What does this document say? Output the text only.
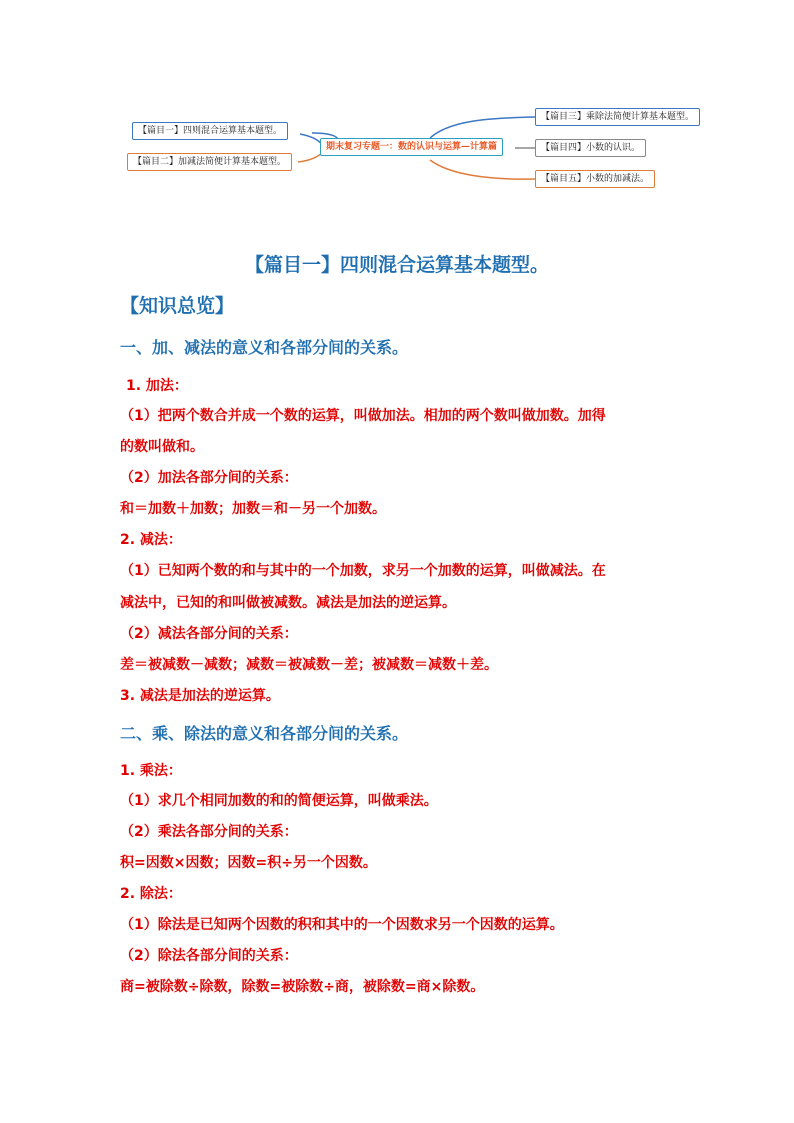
【篇目一】四则混合运算基本题型。
【篇目二】加减法简便计算基本题型。
期末复习专题一：数的认识与运算—计算篇
【篇目三】乘除法简便计算基本题型。
【篇目四】小数的认识。
【篇目五】小数的加减法。
【篇目一】四则混合运算基本题型。
【知识总览】
一、加、减法的意义和各部分间的关系。
1. 加法：
（1）把两个数合并成一个数的运算，叫做加法。相加的两个数叫做加数。加得
的数叫做和。
（2）加法各部分间的关系：
和＝加数＋加数；加数＝和－另一个加数。
2. 减法：
（1）已知两个数的和与其中的一个加数，求另一个加数的运算，叫做减法。在
减法中，已知的和叫做被减数。减法是加法的逆运算。
（2）减法各部分间的关系：
差＝被减数－减数；减数＝被减数－差；被减数＝减数＋差。
3. 减法是加法的逆运算。
二、乘、除法的意义和各部分间的关系。
1. 乘法：
（1）求几个相同加数的和的简便运算，叫做乘法。
（2）乘法各部分间的关系：
积=因数×因数；因数=积÷另一个因数。
2. 除法：
（1）除法是已知两个因数的积和其中的一个因数求另一个因数的运算。
（2）除法各部分间的关系：
商=被除数÷除数，除数=被除数÷商，被除数=商×除数。
